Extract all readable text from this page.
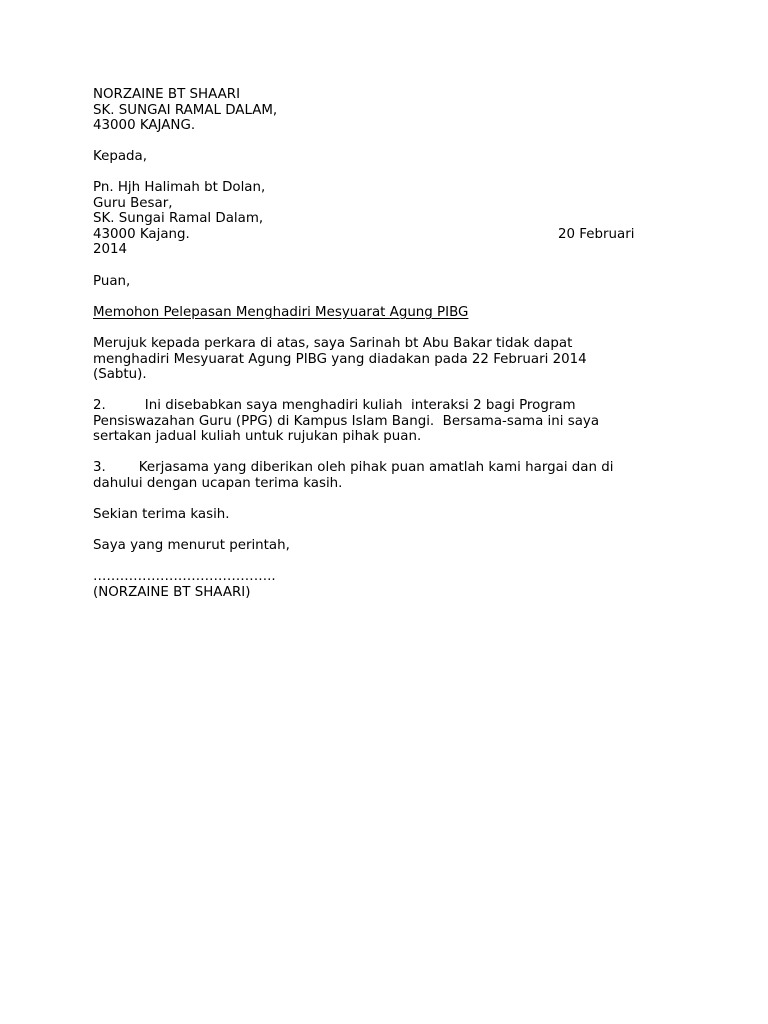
NORZAINE BT SHAARI
SK. SUNGAI RAMAL DALAM,
43000 KAJANG.
Kepada,
Pn. Hjh Halimah bt Dolan,
Guru Besar,
SK. Sungai Ramal Dalam,
43000 Kajang.	20 Februari
2014
Puan,
Memohon Pelepasan Menghadiri Mesyuarat Agung PIBG
Merujuk kepada perkara di atas, saya Sarinah bt Abu Bakar tidak dapat
menghadiri Mesyuarat Agung PIBG yang diadakan pada 22 Februari 2014
(Sabtu).
2.	Ini disebabkan saya menghadiri kuliah  interaksi 2 bagi Program
Pensiswazahan Guru (PPG) di Kampus Islam Bangi.  Bersama-sama ini saya
sertakan jadual kuliah untuk rujukan pihak puan.
3. Kerjasama yang diberikan oleh pihak puan amatlah kami hargai dan di
dahului dengan ucapan terima kasih.
Sekian terima kasih.
Saya yang menurut perintah,
…………………………………..
(NORZAINE BT SHAARI)
